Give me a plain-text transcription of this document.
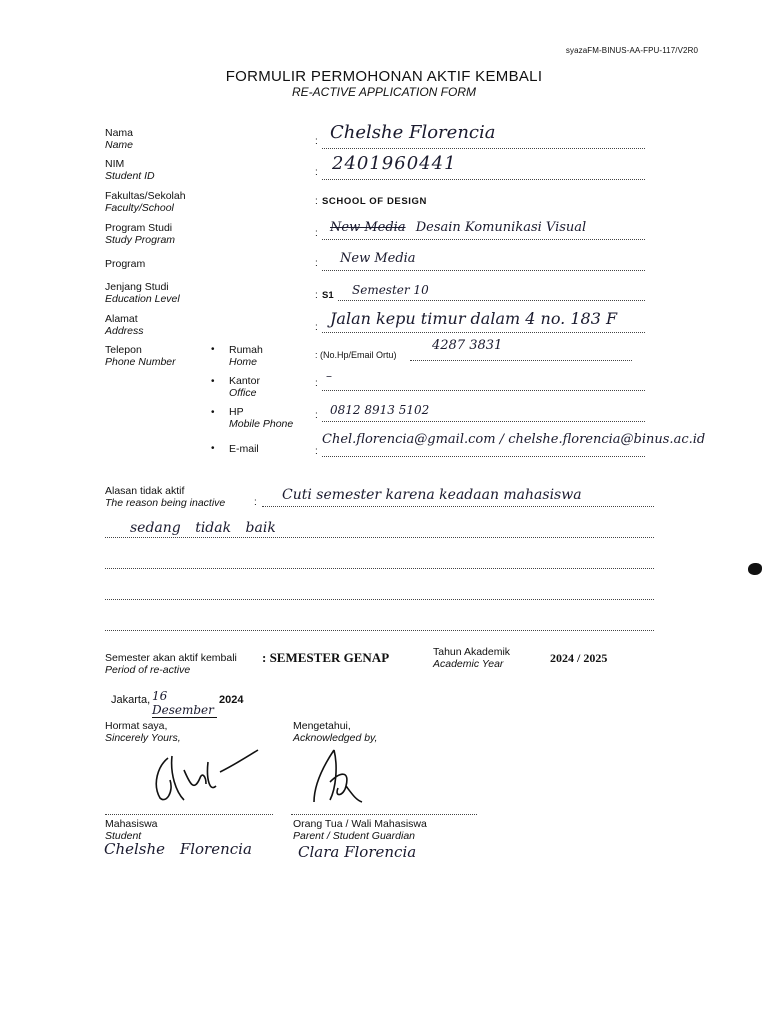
syazaFM-BINUS-AA-FPU-117/V2R0
FORMULIR PERMOHONAN AKTIF KEMBALI
RE-ACTIVE APPLICATION FORM
Nama
Name	: Chelshe Florencia
NIM
Student ID	: 2401960441
Fakultas/Sekolah
Faculty/School
: SCHOOL OF DESIGN
Program Studi
Study Program
: New Media Desain Komunikasi Visual
Program	: New Media
Jenjang Studi
Education Level	: S1 Semester 10
Alamat
Address	: Jalan kepu timur dalam 4 no. 183 F
Telepon
Phone Number
• Rumah
Home
: (No.Hp/Email Ortu)
4287 3831
• Kantor
Office
:
–
• HP
Mobile Phone
: 0812 8913 5102
• E-mail	:
Chel.florencia@gmail.com / chelshe.florencia@binus.ac.id
Alasan tidak aktif
The reason being inactive	: Cuti semester karena keadaan mahasiswa
sedang tidak baik
Semester akan aktif kembali
Period of re-active
: SEMESTER GENAP	Tahun Akademik
Academic Year	2024 / 2025
Jakarta, 16 Desember
2024
Hormat saya,
Sincerely Yours,
Mahasiswa
Student
Chelshe Florencia
Mengetahui,
Acknowledged by,
Orang Tua / Wali Mahasiswa
Parent / Student Guardian
Clara Florencia
